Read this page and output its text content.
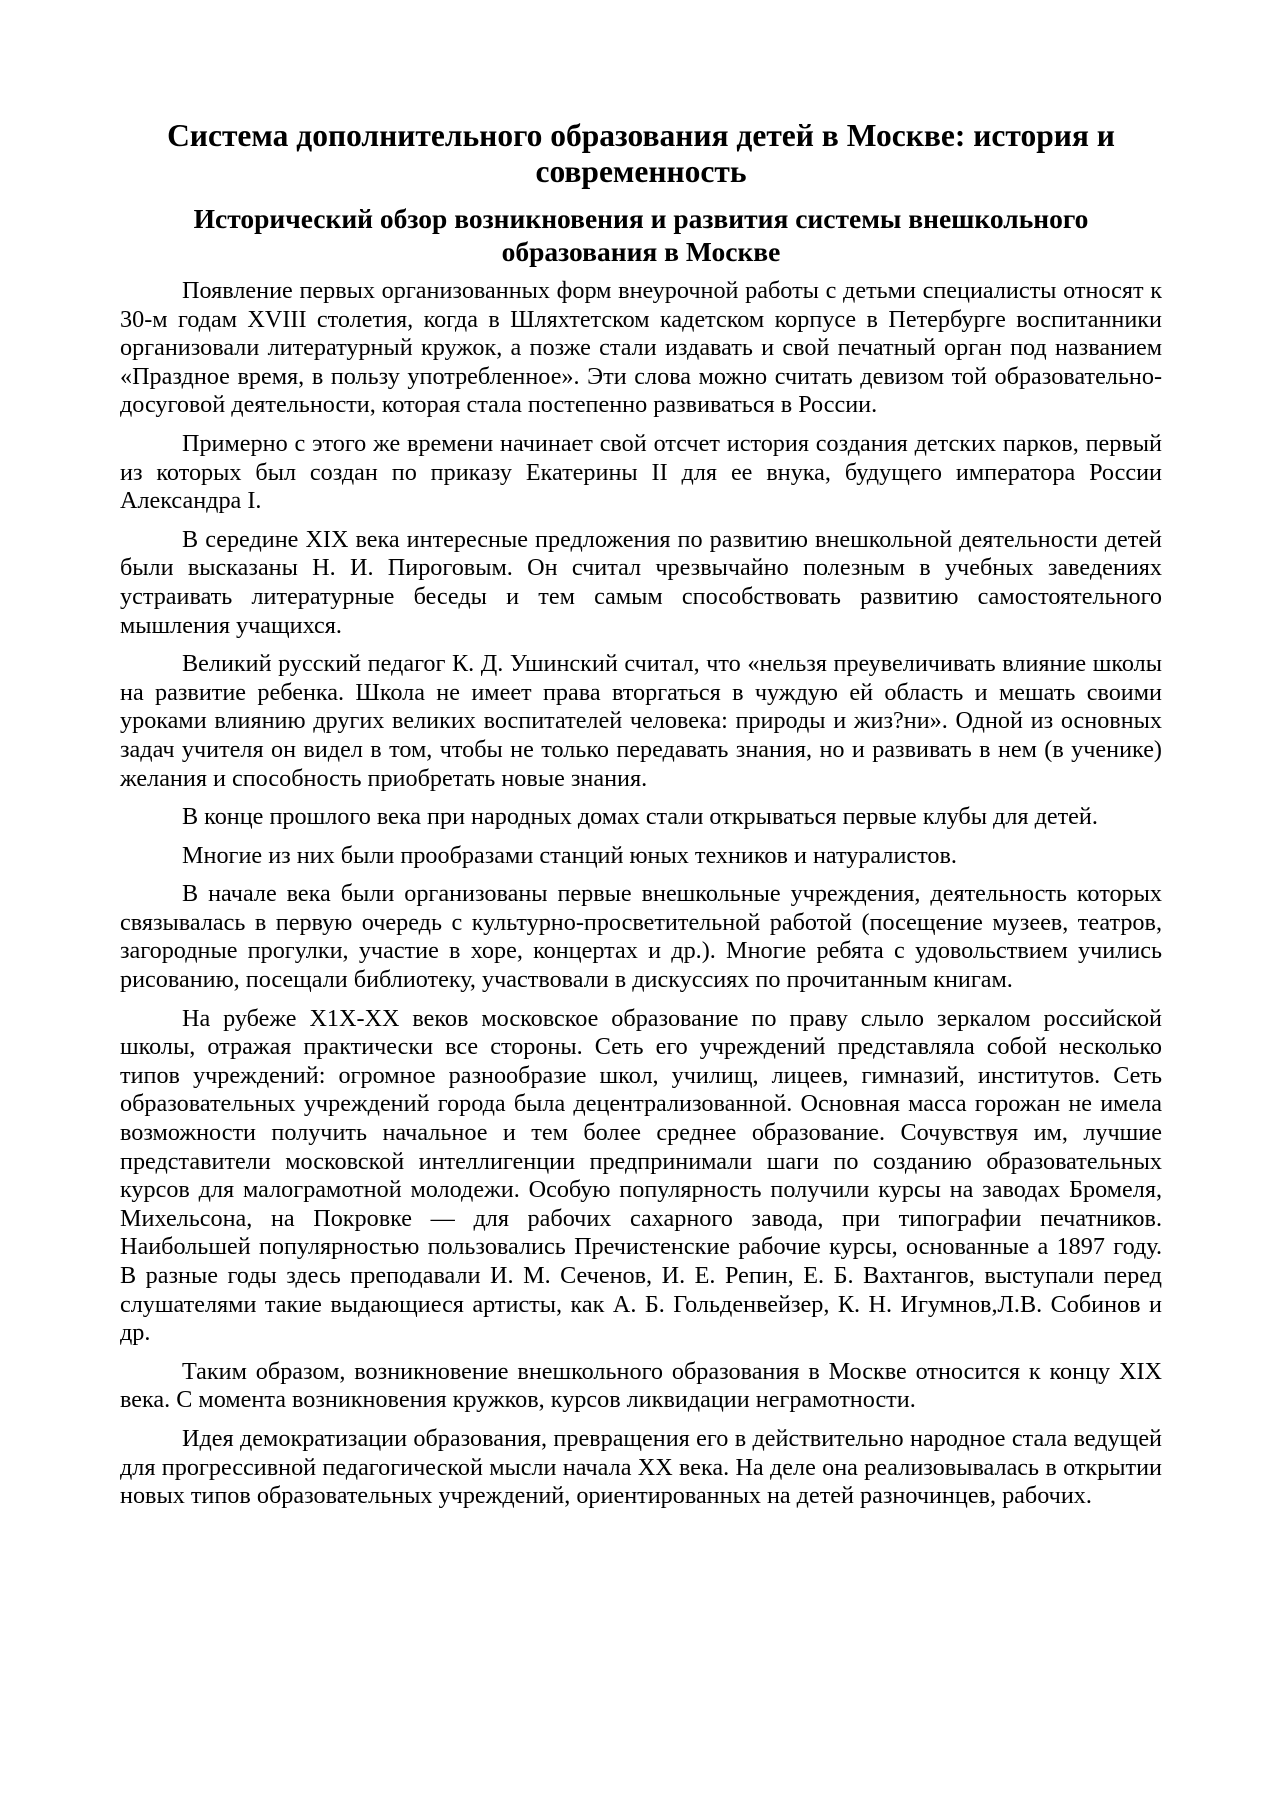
Система дополнительного образования детей в Москве: история и современность
Исторический обзор возникновения и развития системы внешкольного образования в Москве

Появление первых организованных форм внеурочной работы с детьми специалисты относят к 30-м годам XVIII столетия, когда в Шляхтетском кадетском корпусе в Петербурге воспитанники организовали литературный кружок, а позже стали издавать и свой печатный орган под названием «Праздное время, в пользу употребленное». Эти слова можно считать девизом той образовательно-досуговой деятельности, которая стала постепенно развиваться в России.

Примерно с этого же времени начинает свой отсчет история создания детских парков, первый из которых был создан по приказу Екатерины II для ее внука, будущего императора России Александра I.

В середине XIX века интересные предложения по развитию внешкольной деятельности детей были высказаны Н. И. Пироговым. Он считал чрезвычайно полезным в учебных заведениях устраивать литературные беседы и тем самым способствовать развитию самостоятельного мышления учащихся.

Великий русский педагог К. Д. Ушинский считал, что «нельзя преувеличивать влияние школы на развитие ребенка. Школа не имеет права вторгаться в чуждую ей область и мешать своими уроками влиянию других великих воспитателей человека: природы и жиз?ни». Одной из основных задач учителя он видел в том, чтобы не только передавать знания, но и развивать в нем (в ученике) желания и способность приобретать новые знания.

В конце прошлого века при народных домах стали открываться первые клубы для детей.

Многие из них были прообразами станций юных техников и натуралистов.

В начале века были организованы первые внешкольные учреждения, деятельность которых связывалась в первую очередь с культурно-просветительной работой (посещение музеев, театров, загородные прогулки, участие в хоре, концертах и др.). Многие ребята с удовольствием учились рисованию, посещали библиотеку, участвовали в дискуссиях по прочитанным книгам.

На рубеже Х1Х-ХХ веков московское образование по праву слыло зеркалом российской школы, отражая практически все стороны. Сеть его учреждений представляла собой несколько типов учреждений: огромное разнообразие школ, училищ, лицеев, гимназий, институтов. Сеть образовательных учреждений города была децентрализованной. Основная масса горожан не имела возможности получить начальное и тем более среднее образование. Сочувствуя им, лучшие представители московской интеллигенции предпринимали шаги по созданию образовательных курсов для малограмотной молодежи. Особую популярность получили курсы на заводах Бромеля, Михельсона, на Покровке — для рабочих сахарного завода, при типографии печатников. Наибольшей популярностью пользовались Пречистенские рабочие курсы, основанные а 1897 году. В разные годы здесь преподавали И. М. Сеченов, И. Е. Репин, Е. Б. Вахтангов, выступали перед слушателями такие выдающиеся артисты, как А. Б. Гольденвейзер, К. Н. Игумнов,Л.В. Собинов и др.

Таким образом, возникновение внешкольного образования в Москве относится к концу XIX века. С момента возникновения кружков, курсов ликвидации неграмотности.

Идея демократизации образования, превращения его в действительно народное стала ведущей для прогрессивной педагогической мысли начала XX века. На деле она реализовывалась в открытии новых типов образовательных учреждений, ориентированных на детей разночинцев, рабочих.
